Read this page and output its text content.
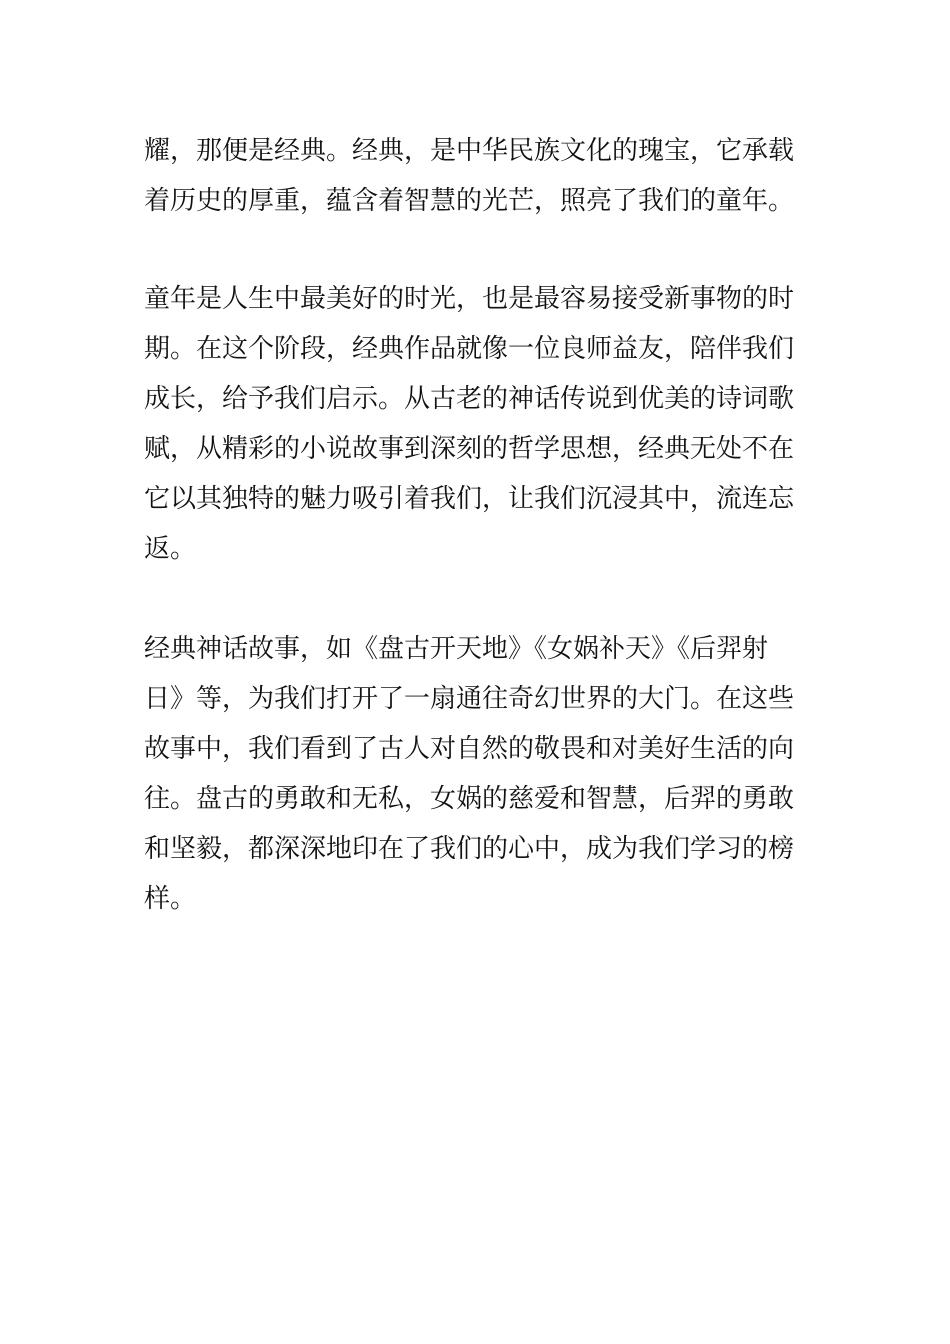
耀，那便是经典。经典，是中华民族文化的瑰宝，它承载
着历史的厚重，蕴含着智慧的光芒，照亮了我们的童年。
童年是人生中最美好的时光，也是最容易接受新事物的时
期。在这个阶段，经典作品就像一位良师益友，陪伴我们
成长，给予我们启示。从古老的神话传说到优美的诗词歌
赋，从精彩的小说故事到深刻的哲学思想，经典无处不在
它以其独特的魅力吸引着我们，让我们沉浸其中，流连忘
返。
经典神话故事，如《盘古开天地》《女娲补天》《后羿射
日》等，为我们打开了一扇通往奇幻世界的大门。在这些
故事中，我们看到了古人对自然的敬畏和对美好生活的向
往。盘古的勇敢和无私，女娲的慈爱和智慧，后羿的勇敢
和坚毅，都深深地印在了我们的心中，成为我们学习的榜
样。
